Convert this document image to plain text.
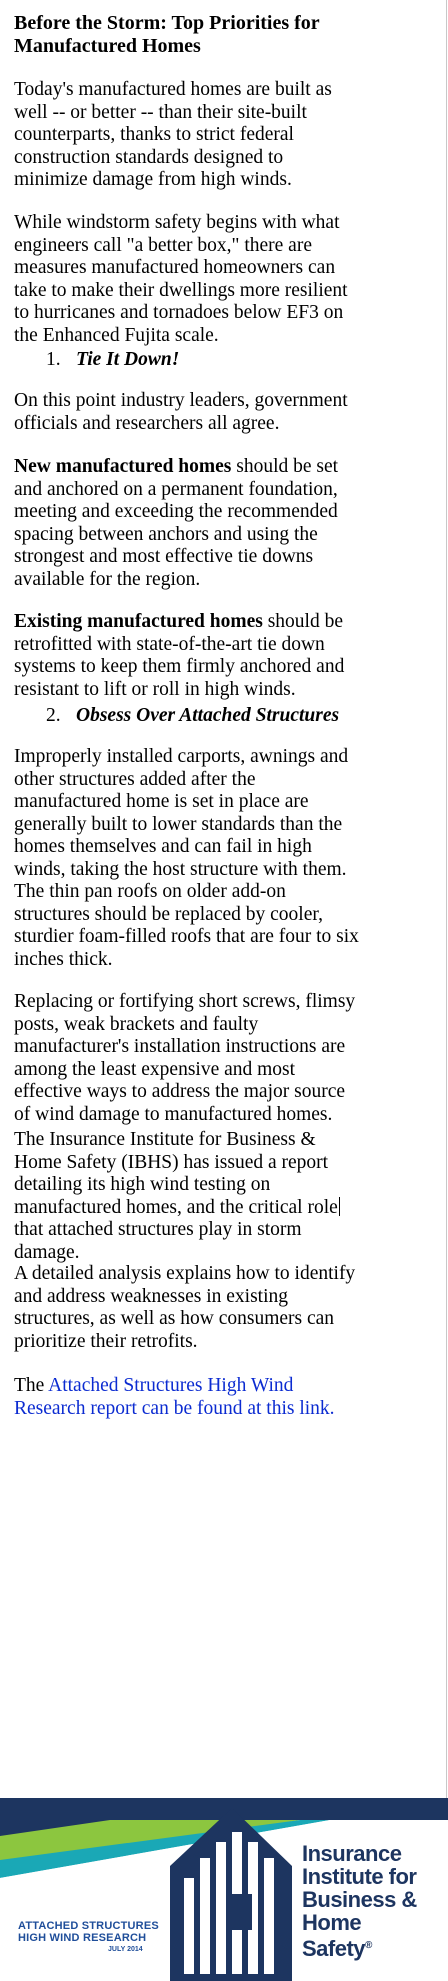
Before the Storm: Top Priorities for
Manufactured Homes
Today's manufactured homes are built as
well -- or better -- than their site-built
counterparts, thanks to strict federal
construction standards designed to
minimize damage from high winds.
While windstorm safety begins with what
engineers call "a better box," there are
measures manufactured homeowners can
take to make their dwellings more resilient
to hurricanes and tornadoes below EF3 on
the Enhanced Fujita scale.
1. Tie It Down!
On this point industry leaders, government
officials and researchers all agree.
New manufactured homes should be set
and anchored on a permanent foundation,
meeting and exceeding the recommended
spacing between anchors and using the
strongest and most effective tie downs
available for the region.
Existing manufactured homes should be
retrofitted with state-of-the-art tie down
systems to keep them firmly anchored and
resistant to lift or roll in high winds.
2. Obsess Over Attached Structures
Improperly installed carports, awnings and
other structures added after the
manufactured home is set in place are
generally built to lower standards than the
homes themselves and can fail in high
winds, taking the host structure with them.
The thin pan roofs on older add-on
structures should be replaced by cooler,
sturdier foam-filled roofs that are four to six
inches thick.
Replacing or fortifying short screws, flimsy
posts, weak brackets and faulty
manufacturer's installation instructions are
among the least expensive and most
effective ways to address the major source
of wind damage to manufactured homes.
The Insurance Institute for Business &
Home Safety (IBHS) has issued a report
detailing its high wind testing on
manufactured homes, and the critical role
that attached structures play in storm
damage.
A detailed analysis explains how to identify
and address weaknesses in existing
structures, as well as how consumers can
prioritize their retrofits.
The Attached Structures High Wind
Research report can be found at this link.
ATTACHED STRUCTURES
HIGH WIND RESEARCH
JULY 2014
Insurance
Institute for
Business &
Home
Safety®
